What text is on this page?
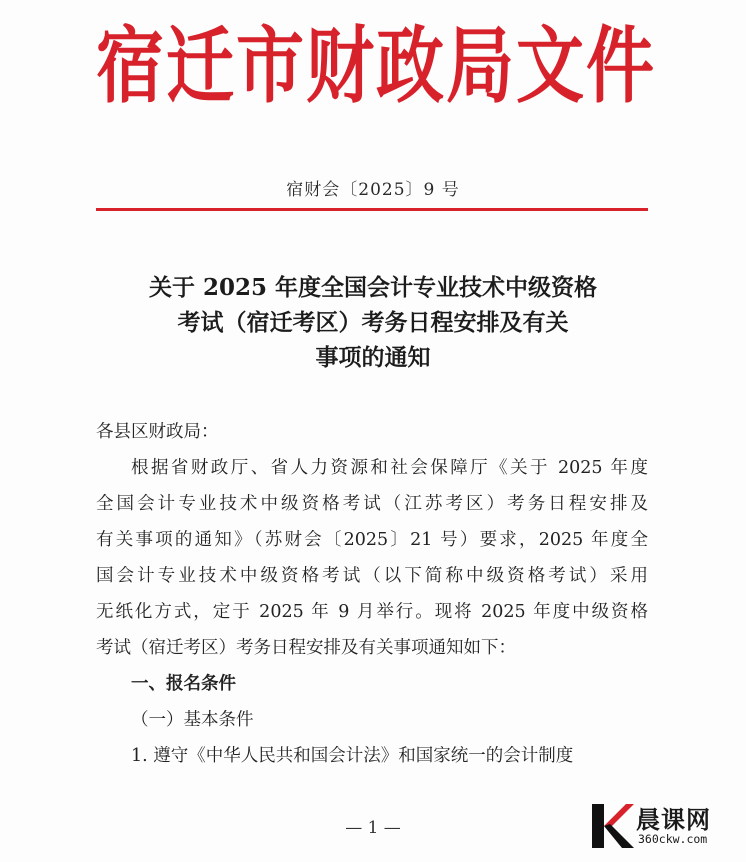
宿迁市财政局文件
宿财会〔2025〕9 号
关于 2025 年度全国会计专业技术中级资格
考试（宿迁考区）考务日程安排及有关
事项的通知
各县区财政局：
根据省财政厅、省人力资源和社会保障厅《关于 2025 年度
全国会计专业技术中级资格考试（江苏考区）考务日程安排及
有关事项的通知》（苏财会〔2025〕21 号）要求，2025 年度全
国会计专业技术中级资格考试（以下简称中级资格考试）采用
无纸化方式，定于 2025 年 9 月举行。现将 2025 年度中级资格
考试（宿迁考区）考务日程安排及有关事项通知如下：
一、报名条件
（一）基本条件
1. 遵守《中华人民共和国会计法》和国家统一的会计制度
— 1 —	晨课网
360ckw.com
